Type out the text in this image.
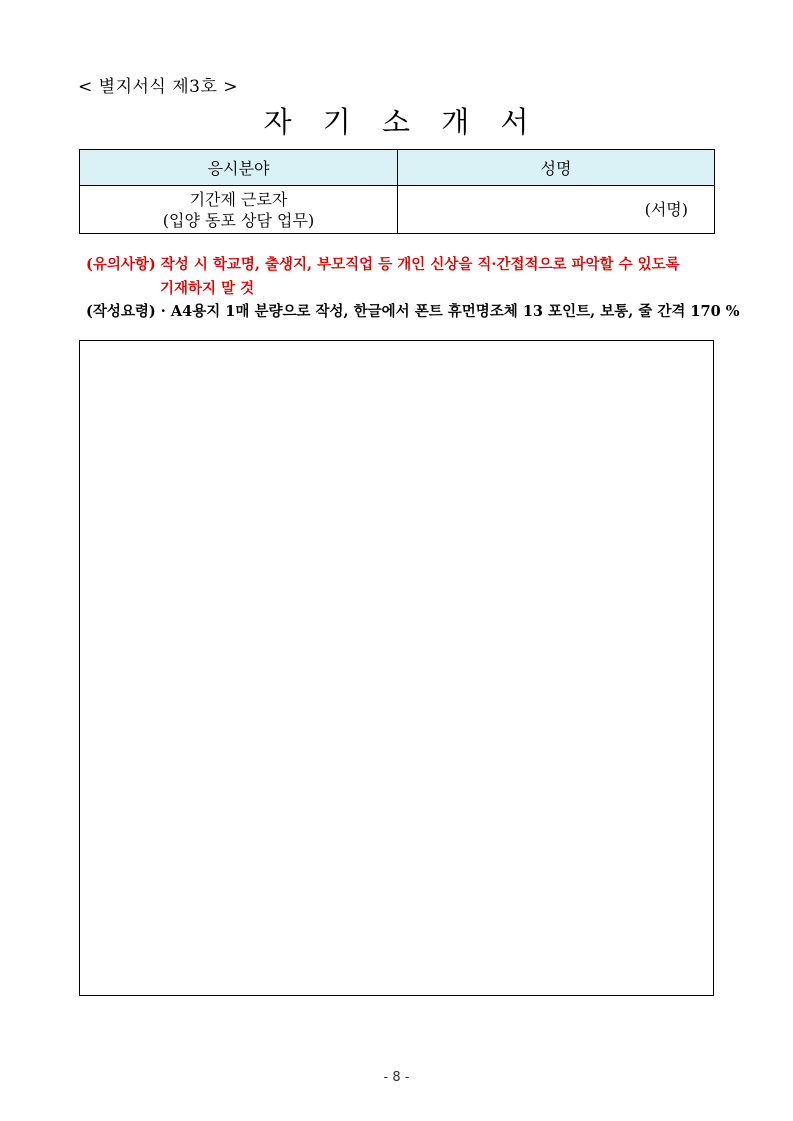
< 별지서식 제3호 >
자 기 소 개 서
응시분야	성명
기간제 근로자
(입양 동포 상담 업무)	(서명)
(유의사항) 작성 시 학교명, 출생지, 부모직업 등 개인 신상을 직·간접적으로 파악할 수 있도록
기재하지 말 것
(작성요령) · A4용지 1매 분량으로 작성, 한글에서 폰트 휴먼명조체 13 포인트, 보통, 줄 간격 170 %
- 8 -
